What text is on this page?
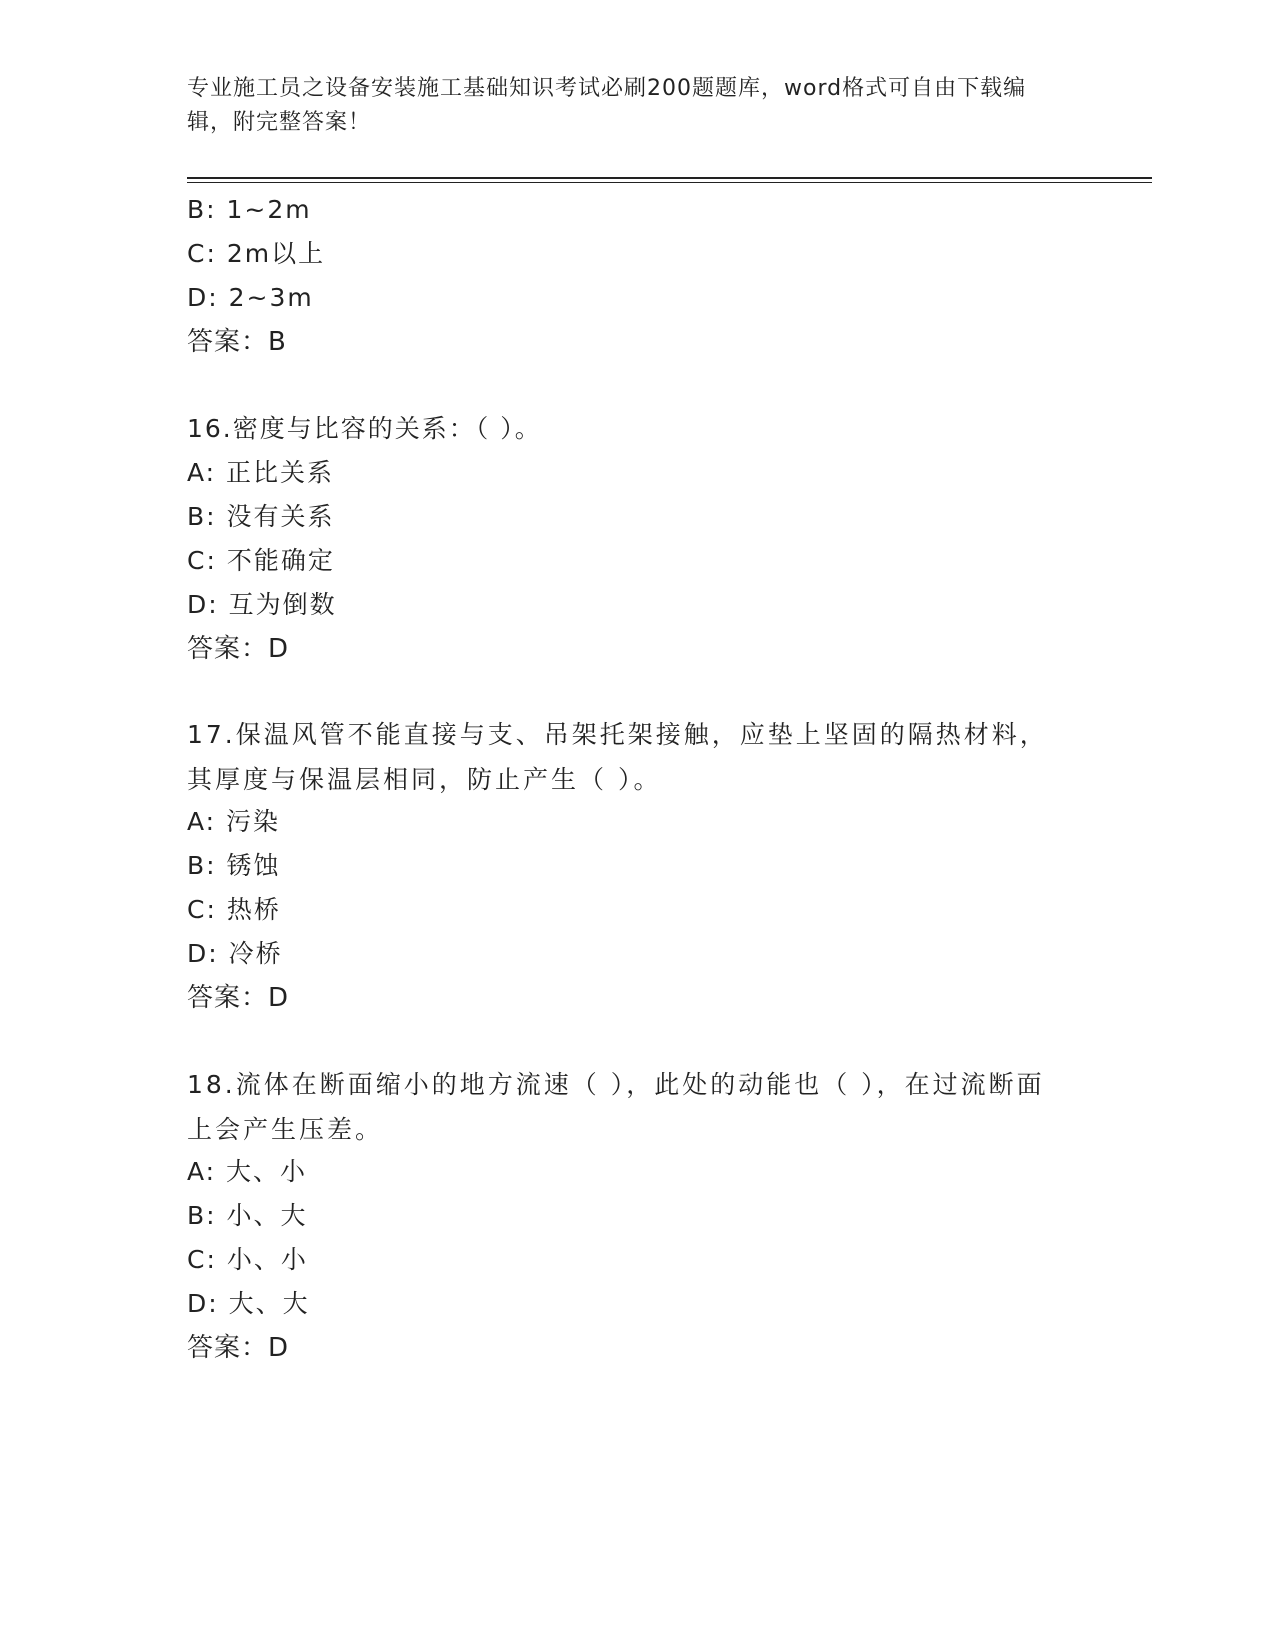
专业施工员之设备安装施工基础知识考试必刷200题题库，word格式可自由下载编辑，附完整答案！

B: 1~2m

C: 2m以上

D: 2~3m

答案：B

16.密度与比容的关系：（ ）。

A: 正比关系

B: 没有关系

C: 不能确定

D: 互为倒数

答案：D

17.保温风管不能直接与支、吊架托架接触，应垫上坚固的隔热材料，其厚度与保温层相同，防止产生（ ）。

A: 污染

B: 锈蚀

C: 热桥

D: 冷桥

答案：D

18.流体在断面缩小的地方流速（ ），此处的动能也（ ），在过流断面上会产生压差。

A: 大、小

B: 小、大

C: 小、小

D: 大、大

答案：D
